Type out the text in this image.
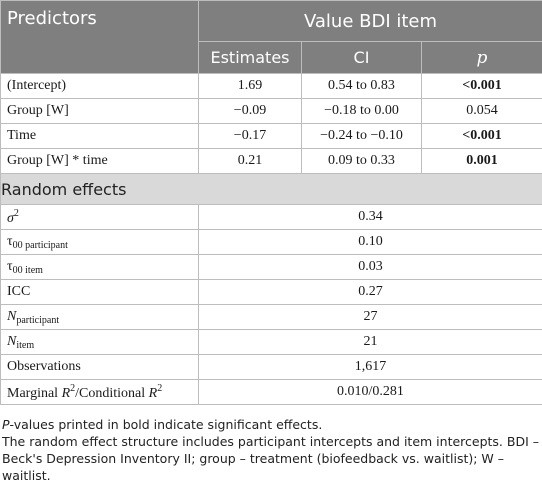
Predictors	Value BDI item		
	Estimates	CI	p
(Intercept)	1.69	0.54 to 0.83	<0.001
Group [W]	−0.09	−0.18 to 0.00	0.054
Time	−0.17	−0.24 to −0.10	<0.001
Group [W] * time	0.21	0.09 to 0.33	0.001
Random effects			
$\sigma^2$	0.34		
$\tau_{00 participant}$	0.10		
$\tau_{00 item}$	0.03		
ICC	0.27		
$N_{participant}$	27		
$N_{item}$	21		
Observations	1,617		
Marginal $R^2$/Conditional $R^2$	0.010/0.281		

P-values printed in bold indicate significant effects.

The random effect structure includes participant intercepts and item intercepts. BDI – Beck's Depression Inventory II; group – treatment (biofeedback vs. waitlist); W – waitlist.
